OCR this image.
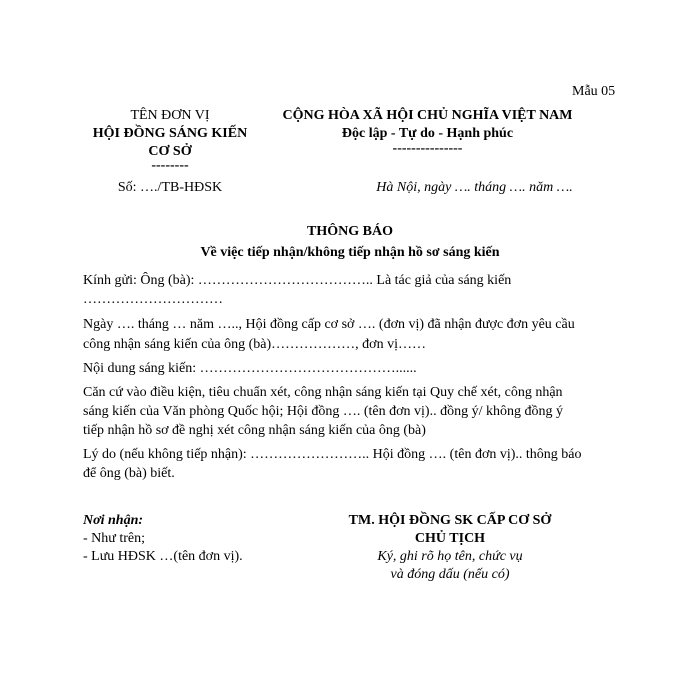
Mẫu 05
TÊN ĐƠN VỊ
HỘI ĐỒNG SÁNG KIẾN
CƠ SỞ
--------
Số: …./TB-HĐSK
CỘNG HÒA XÃ HỘI CHỦ NGHĨA VIỆT NAM
Độc lập - Tự do - Hạnh phúc
---------------
Hà Nội, ngày …. tháng …. năm ….
THÔNG BÁO
Về việc tiếp nhận/không tiếp nhận hồ sơ sáng kiến
Kính gửi: Ông (bà): ……………………………….. Là tác giả của sáng kiến
…………………………
Ngày …. tháng … năm ….., Hội đồng cấp cơ sở …. (đơn vị) đã nhận được đơn yêu cầu
công nhận sáng kiến của ông (bà)………………, đơn vị……
Nội dung sáng kiến: ……………………………………......
Căn cứ vào điều kiện, tiêu chuẩn xét, công nhận sáng kiến tại Quy chế xét, công nhận
sáng kiến của Văn phòng Quốc hội; Hội đồng …. (tên đơn vị).. đồng ý/ không đồng ý
tiếp nhận hồ sơ đề nghị xét công nhận sáng kiến của ông (bà)
Lý do (nếu không tiếp nhận): …………………….. Hội đồng …. (tên đơn vị).. thông báo
để ông (bà) biết.
Nơi nhận:
- Như trên;
- Lưu HĐSK …(tên đơn vị).
TM. HỘI ĐỒNG SK CẤP CƠ SỞ
CHỦ TỊCH
Ký, ghi rõ họ tên, chức vụ
và đóng dấu (nếu có)
